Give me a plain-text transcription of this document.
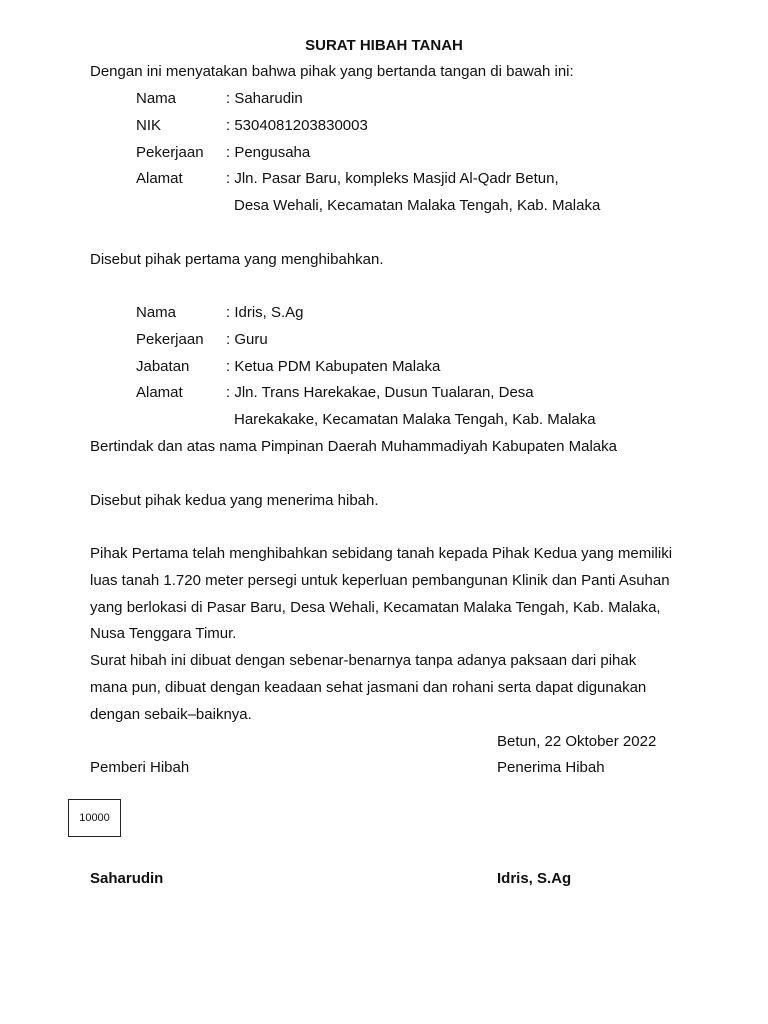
SURAT HIBAH TANAH
Dengan ini menyatakan bahwa pihak yang bertanda tangan di bawah ini:
Nama	: Saharudin
NIK	: 5304081203830003
Pekerjaan : Pengusaha
Alamat	: Jln. Pasar Baru, kompleks Masjid Al-Qadr Betun,
Desa Wehali, Kecamatan Malaka Tengah, Kab. Malaka
Disebut pihak pertama yang menghibahkan.
Nama	: Idris, S.Ag
Pekerjaan : Guru
Jabatan : Ketua PDM Kabupaten Malaka
Alamat	: Jln. Trans Harekakae, Dusun Tualaran, Desa
Harekakake, Kecamatan Malaka Tengah, Kab. Malaka
Bertindak dan atas nama Pimpinan Daerah Muhammadiyah Kabupaten Malaka
Disebut pihak kedua yang menerima hibah.
Pihak Pertama telah menghibahkan sebidang tanah kepada Pihak Kedua yang memiliki
luas tanah 1.720 meter persegi untuk keperluan pembangunan Klinik dan Panti Asuhan
yang berlokasi di Pasar Baru, Desa Wehali, Kecamatan Malaka Tengah, Kab. Malaka,
Nusa Tenggara Timur.
Surat hibah ini dibuat dengan sebenar-benarnya tanpa adanya paksaan dari pihak
mana pun, dibuat dengan keadaan sehat jasmani dan rohani serta dapat digunakan
dengan sebaik–baiknya.
Betun, 22 Oktober 2022
Pemberi Hibah	Penerima Hibah
10000
Saharudin	Idris, S.Ag
